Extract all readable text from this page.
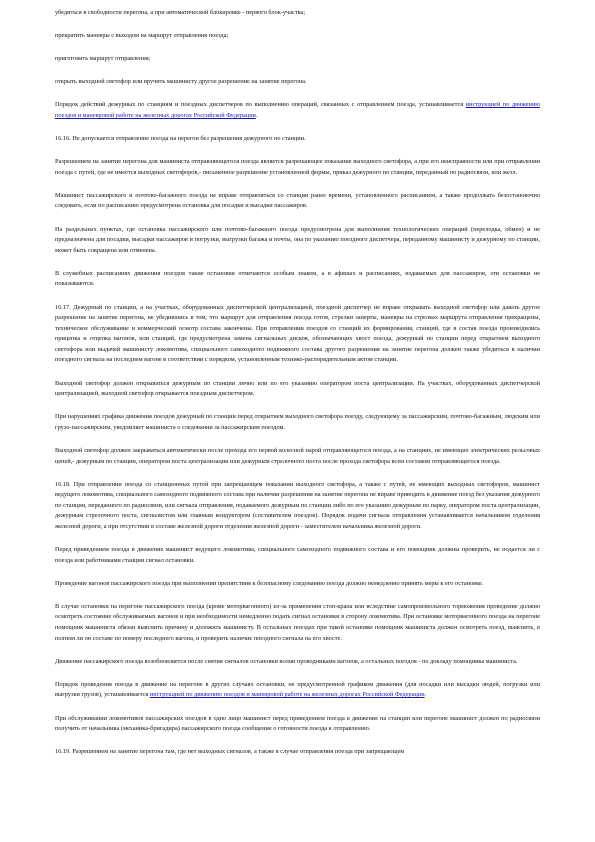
убедиться в свободности перегона, а при автоматической блокировке - первого блок-участка;

прекратить маневры с выходом на маршрут отправления поезда;

приготовить маршрут отправления;

открыть выходной светофор или вручить машинисту другое разрешение на занятие перегона.

Порядок действий дежурных по станциям и поездных диспетчеров по выполнению операций, связанных с отправлением поезда, устанавливается инструкцией по движению поездов и маневровой работе на железных дорогах Российской Федерации.

16.16. Не допускается отправление поезда на перегон без разрешения дежурного по станции.

Разрешением на занятие перегона для машиниста отправляющегося поезда является разрешающее показание выходного светофора, а при его неисправности или при отправлении поезда с путей, где не имеется выходных светофоров,- письменное разрешение установленной формы, приказ дежурного по станции, переданный по радиосвязи, или жезл.

Машинист пассажирского и почтово-багажного поезда не вправе отправляться со станции ранее времени, установленного расписанием, а также продолжать безостановочно следовать, если по расписанию предусмотрена остановка для посадки и высадки пассажиров.

На раздельных пунктах, где остановка пассажирского или почтово-багажного поезда предусмотрена для выполнения технологических операций (перелодка, обмен) и не предназначена для посадки, высадки пассажиров и погрузки, выгрузки багажа и почты, она по указанию поездного диспетчера, переданному машинисту и дежурному по станции, может быть сокращена или отменена.

В служебных расписаниях движения поездов такие остановки отмечаются особым знаком, а в афишах и расписаниях, издаваемых для пассажиров, эти остановки не показываются.

16.17. Дежурный по станции, а на участках, оборудованных диспетчерской централизацией, поездной диспетчер не вправе открывать выходной светофор или давать другое разрешение на занятие перегона, не убедившись в том, что маршрут для отправления поезда готов, стрелки заперты, маневры на стрелках маршрута отправления прекращены, техническое обслуживание и коммерческий осмотр состава закончены. При отправлении поездов со станций их формирования, станций, где в состав поезда производились прицепка и отцепка вагонов, или станций, где предусмотрена замена сигнальных дисков, обозначающих хвост поезда, дежурный по станции перед открытием выходного светофора или выдачей машинисту локомотива, специального самоходного подвижного состава другого разрешения на занятие перегона должен также убедиться в наличии поездного сигнала на последнем вагоне в соответствии с порядком, установленным технико-распорядительным актом станции.

Выходной светофор должен открываться дежурным по станции лично или по его указанию оператором поста централизации. На участках, оборудованных диспетчерской централизацией, выходной светофор открывается поездным диспетчером.

При нарушениях графика движения поездов дежурный по станции перед открытием выходного светофора поезду, следующему за пассажирским, почтово-багажным, людским или грузо-пассажирским, уведомляет машиниста о следовании за пассажирским поездом.

Выходной светофор должен закрываться автоматически после прохода его первой колесной парой отправляющегося поезда, а на станциях, не имеющих электрических рельсовых цепей,- дежурным по станции, оператором поста централизации или дежурным стрелочного поста после прохода светофора всем составом отправляющегося поезда.

16.18. При отправлении поезда со станционных путей при запрещающем показании выходного светофора, а также с путей, не имеющих выходных светофоров, машинист ведущего локомотива, специального самоходного подвижного состава при наличии разрешения на занятие перегона не вправе приводить в движение поезд без указания дежурного по станции, переданного по радиосвязи, или сигнала отправления, подаваемого дежурным по станции либо по его указанию дежурным по парку, оператором поста централизации, дежурным стрелочного поста, сигналистом или главным кондуктором (составителем поездов). Порядок подачи сигнала отправления устанавливается начальником отделения железной дороги, а при отсутствии в составе железной дороги отделения железной дороги - заместителем начальника железной дороги.

Перед приведением поезда в движение машинист ведущего локомотива, специального самоходного подвижного состава и его помощник должны проверить, не подается ли с поезда или работниками станции сигнал остановки.

Проведение вагонов пассажирского поезда при выполнении препятствия к безопасному следованию поезда должно немедленно принять меры к его остановке.

В случае остановки на перегоне пассажирского поезда (кроме моторвагонного) из-за применения стоп-крана или вследствие самопроизвольного торможения проведение должно осмотреть состояние обслуживаемых вагонов и при необходимости немедленно подать сигнал остановки в сторону локомотива. При остановке моторвагонного поезда на перегоне помощник машиниста обязан выяснить причину и доложить машинисту. В остальных поездах при такой остановке помощник машиниста должен осмотреть поезд, выяснить, в полном ли он составе по номеру последнего вагона, и проверить наличие поездного сигнала на его хвосте.

Движение пассажирского поезда возобновляется после снятия сигналов остановки всеми проводниками вагонов, а остальных поездов - по докладу помощника машиниста.

Порядок проведения поезда в движение на перегоне в других случаях остановки, не предусмотренной графиком движения (для посадки или высадки людей, погрузки или выгрузки грузов), устанавливается инструкцией по движению поездов и маневровой работе на железных дорогах Российской Федерации.

При обслуживании локомотивов пассажирских поездов в одно лицо машинист перед приведением поезда в движение на станции или перегоне машинист должен по радиосвязи получить от начальника (механика-бригадира) пассажирского поезда сообщение о готовности поезда к отправлению.

16.19. Разрешением на занятие перегона там, где нет выходных сигналов, а также в случае отправления поезда при запрещающем
